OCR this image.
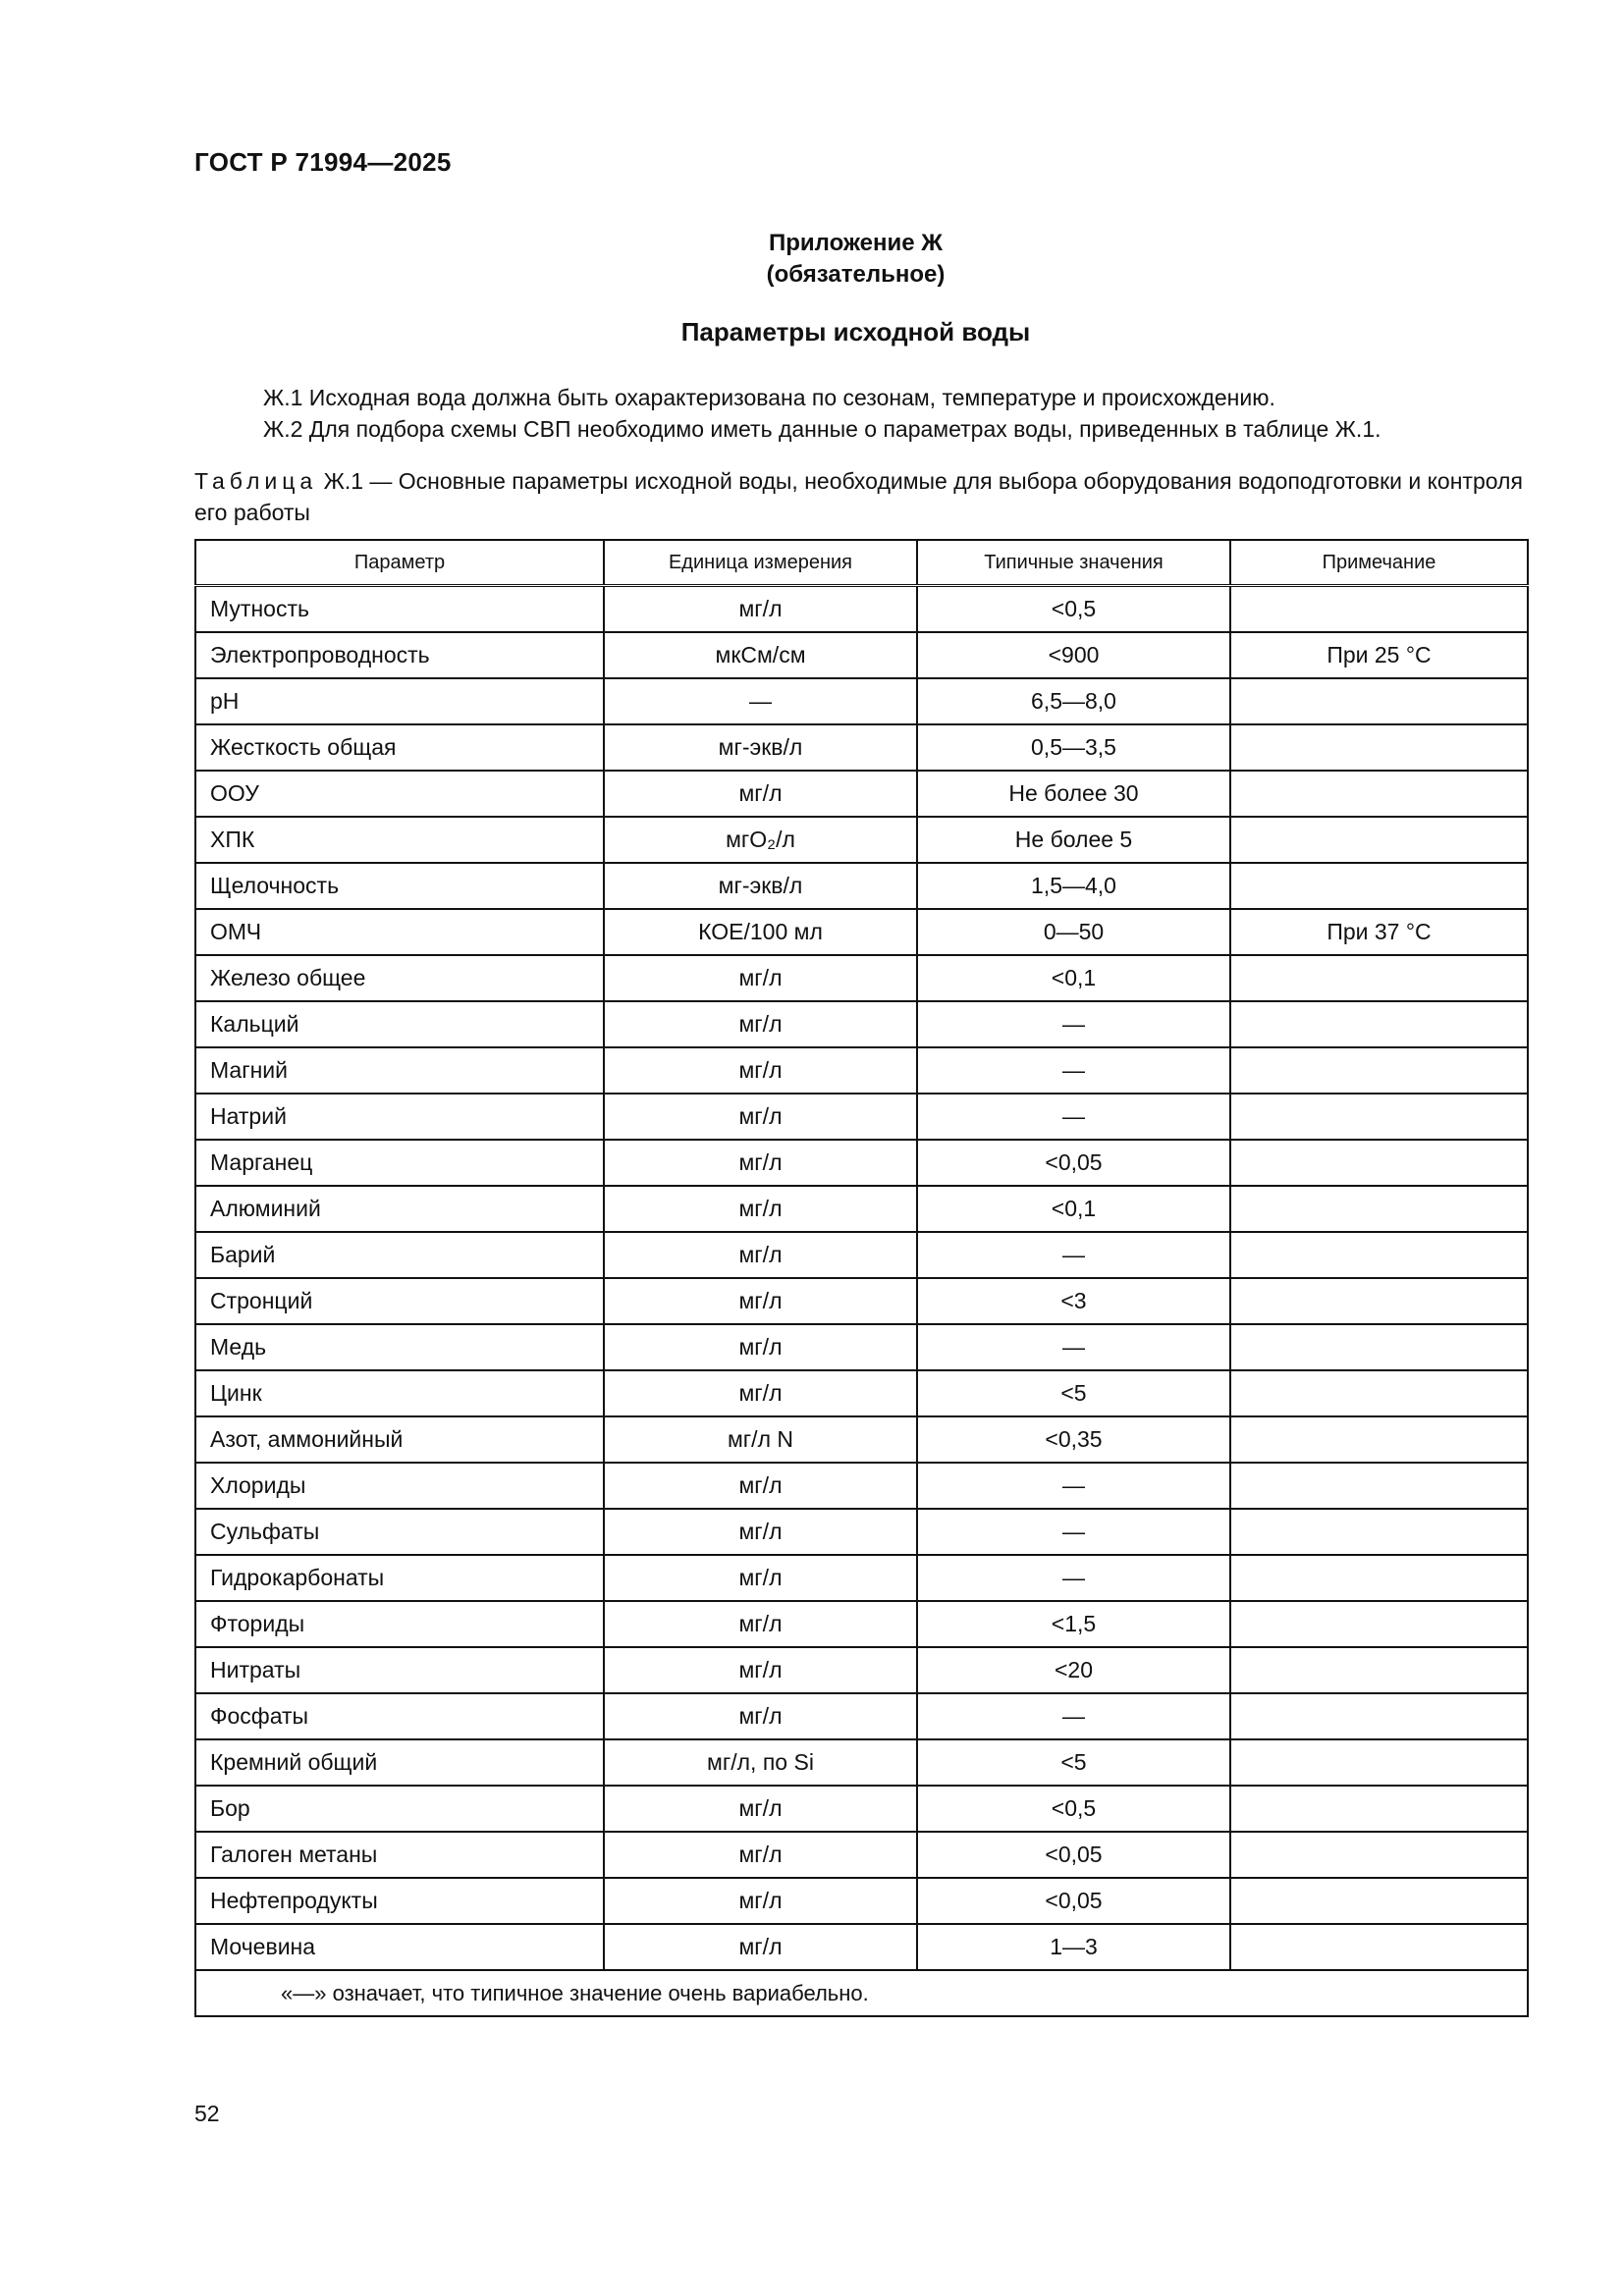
ГОСТ Р 71994—2025
Приложение Ж
(обязательное)
Параметры исходной воды
Ж.1 Исходная вода должна быть охарактеризована по сезонам, температуре и происхождению.
Ж.2 Для подбора схемы СВП необходимо иметь данные о параметрах воды, приведенных в таблице Ж.1.
Таблица Ж.1 — Основные параметры исходной воды, необходимые для выбора оборудования водоподготовки и контроля его работы
Параметр	Единица измерения	Типичные значения	Примечание
Мутность	мг/л	<0,5	
Электропроводность	мкСм/см	<900	При 25 °С
pH	—	6,5—8,0	
Жесткость общая	мг-экв/л	0,5—3,5	
ООУ	мг/л	Не более 30	
ХПК	мгO₂/л	Не более 5	
Щелочность	мг-экв/л	1,5—4,0	
ОМЧ	КОЕ/100 мл	0—50	При 37 °С
Железо общее	мг/л	<0,1	
Кальций	мг/л	—	
Магний	мг/л	—	
Натрий	мг/л	—	
Марганец	мг/л	<0,05	
Алюминий	мг/л	<0,1	
Барий	мг/л	—	
Стронций	мг/л	<3	
Медь	мг/л	—	
Цинк	мг/л	<5	
Азот, аммонийный	мг/л N	<0,35	
Хлориды	мг/л	—	
Сульфаты	мг/л	—	
Гидрокарбонаты	мг/л	—	
Фториды	мг/л	<1,5	
Нитраты	мг/л	<20	
Фосфаты	мг/л	—	
Кремний общий	мг/л, по Si	<5	
Бор	мг/л	<0,5	
Галоген метаны	мг/л	<0,05	
Нефтепродукты	мг/л	<0,05	
Мочевина	мг/л	1—3	
«—» означает, что типичное значение очень вариабельно.			
52
